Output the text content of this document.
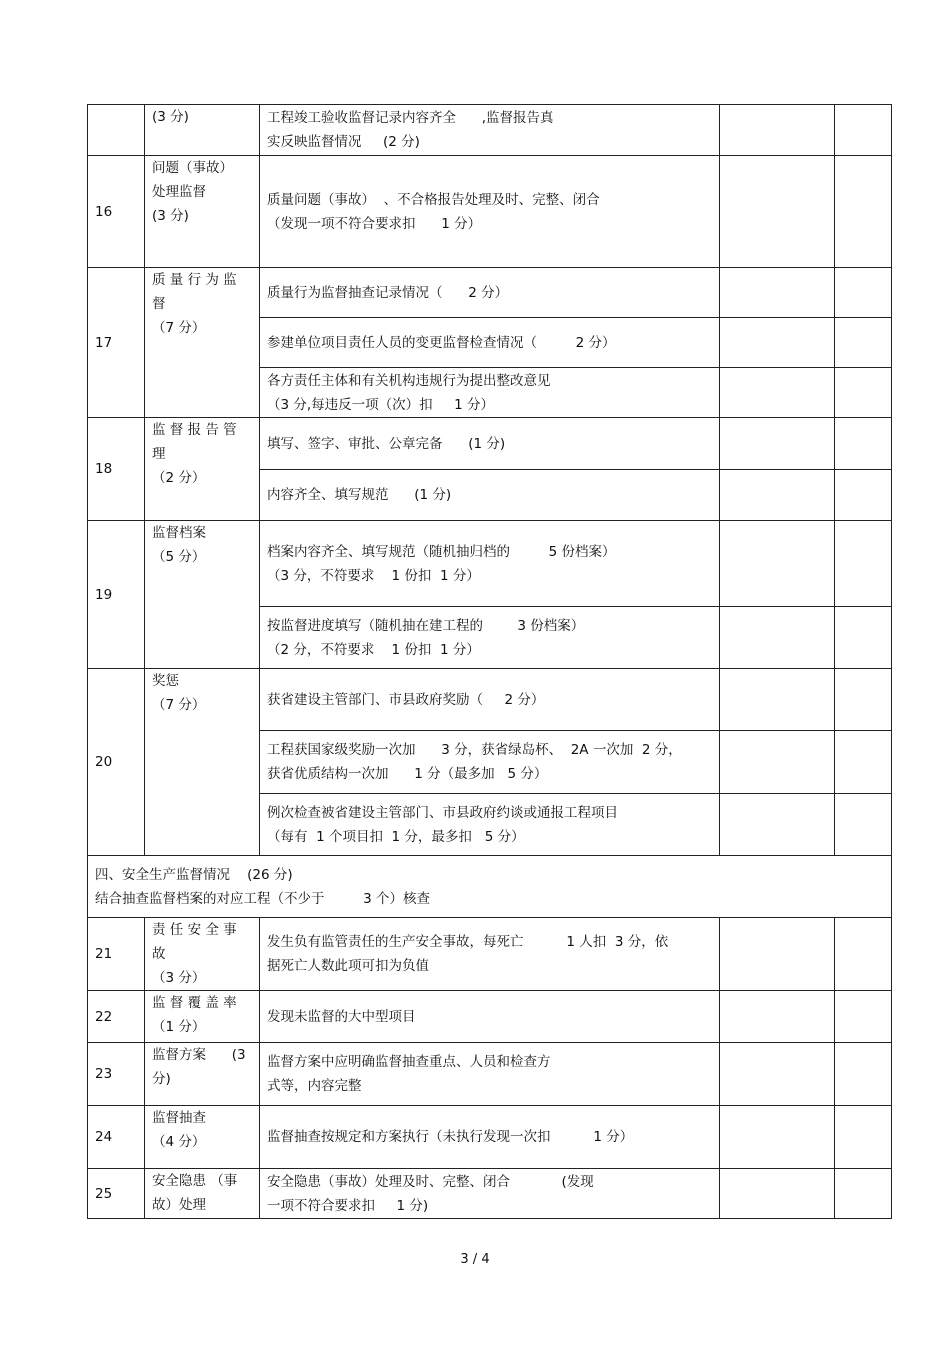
	(3 分)	工程竣工验收监督记录内容齐全      ,监督报告真
实反映监督情况     (2 分)		

16	问题（事故）
处理监督
(3 分)	质量问题（事故）  、不合格报告处理及时、完整、闭合
（发现一项不符合要求扣      1 分）		

17	质 量 行 为 监
督
（7 分）	质量行为监督抽查记录情况（      2 分）		

		参建单位项目责任人员的变更监督检查情况（         2 分）		

		各方责任主体和有关机构违规行为提出整改意见
（3 分,每违反一项（次）扣     1 分）		

18	监 督 报 告 管
理
（2 分）	填写、签字、审批、公章完备      (1 分)		

		内容齐全、填写规范      (1 分)		

19	监督档案
（5 分）	档案内容齐全、填写规范（随机抽归档的         5 份档案）
（3 分，不符要求    1 份扣  1 分）		

		按监督进度填写（随机抽在建工程的        3 份档案）
（2 分，不符要求    1 份扣  1 分）		

20	奖惩
（7 分）	获省建设主管部门、市县政府奖励（     2 分）		

		工程获国家级奖励一次加      3 分，获省绿岛杯、  2A 一次加  2 分，
获省优质结构一次加      1 分（最多加   5 分）		

		例次检查被省建设主管部门、市县政府约谈或通报工程项目
（每有  1 个项目扣  1 分，最多扣   5 分）		

四、安全生产监督情况    (26 分)
结合抽查监督档案的对应工程（不少于         3 个）核查				

21	责 任 安 全 事
故
（3 分）	发生负有监管责任的生产安全事故，每死亡          1 人扣  3 分，依
据死亡人数此项可扣为负值		

22	监 督 覆 盖 率
（1 分）	发现未监督的大中型项目		

23	监督方案      (3
分)	监督方案中应明确监督抽查重点、人员和检查方
式等，内容完整		

24	监督抽查
（4 分）	监督抽查按规定和方案执行（未执行发现一次扣          1 分）		

25	安全隐患 （事
故）处理	安全隐患（事故）处理及时、完整、闭合            (发现
一项不符合要求扣     1 分)		

3 / 4
